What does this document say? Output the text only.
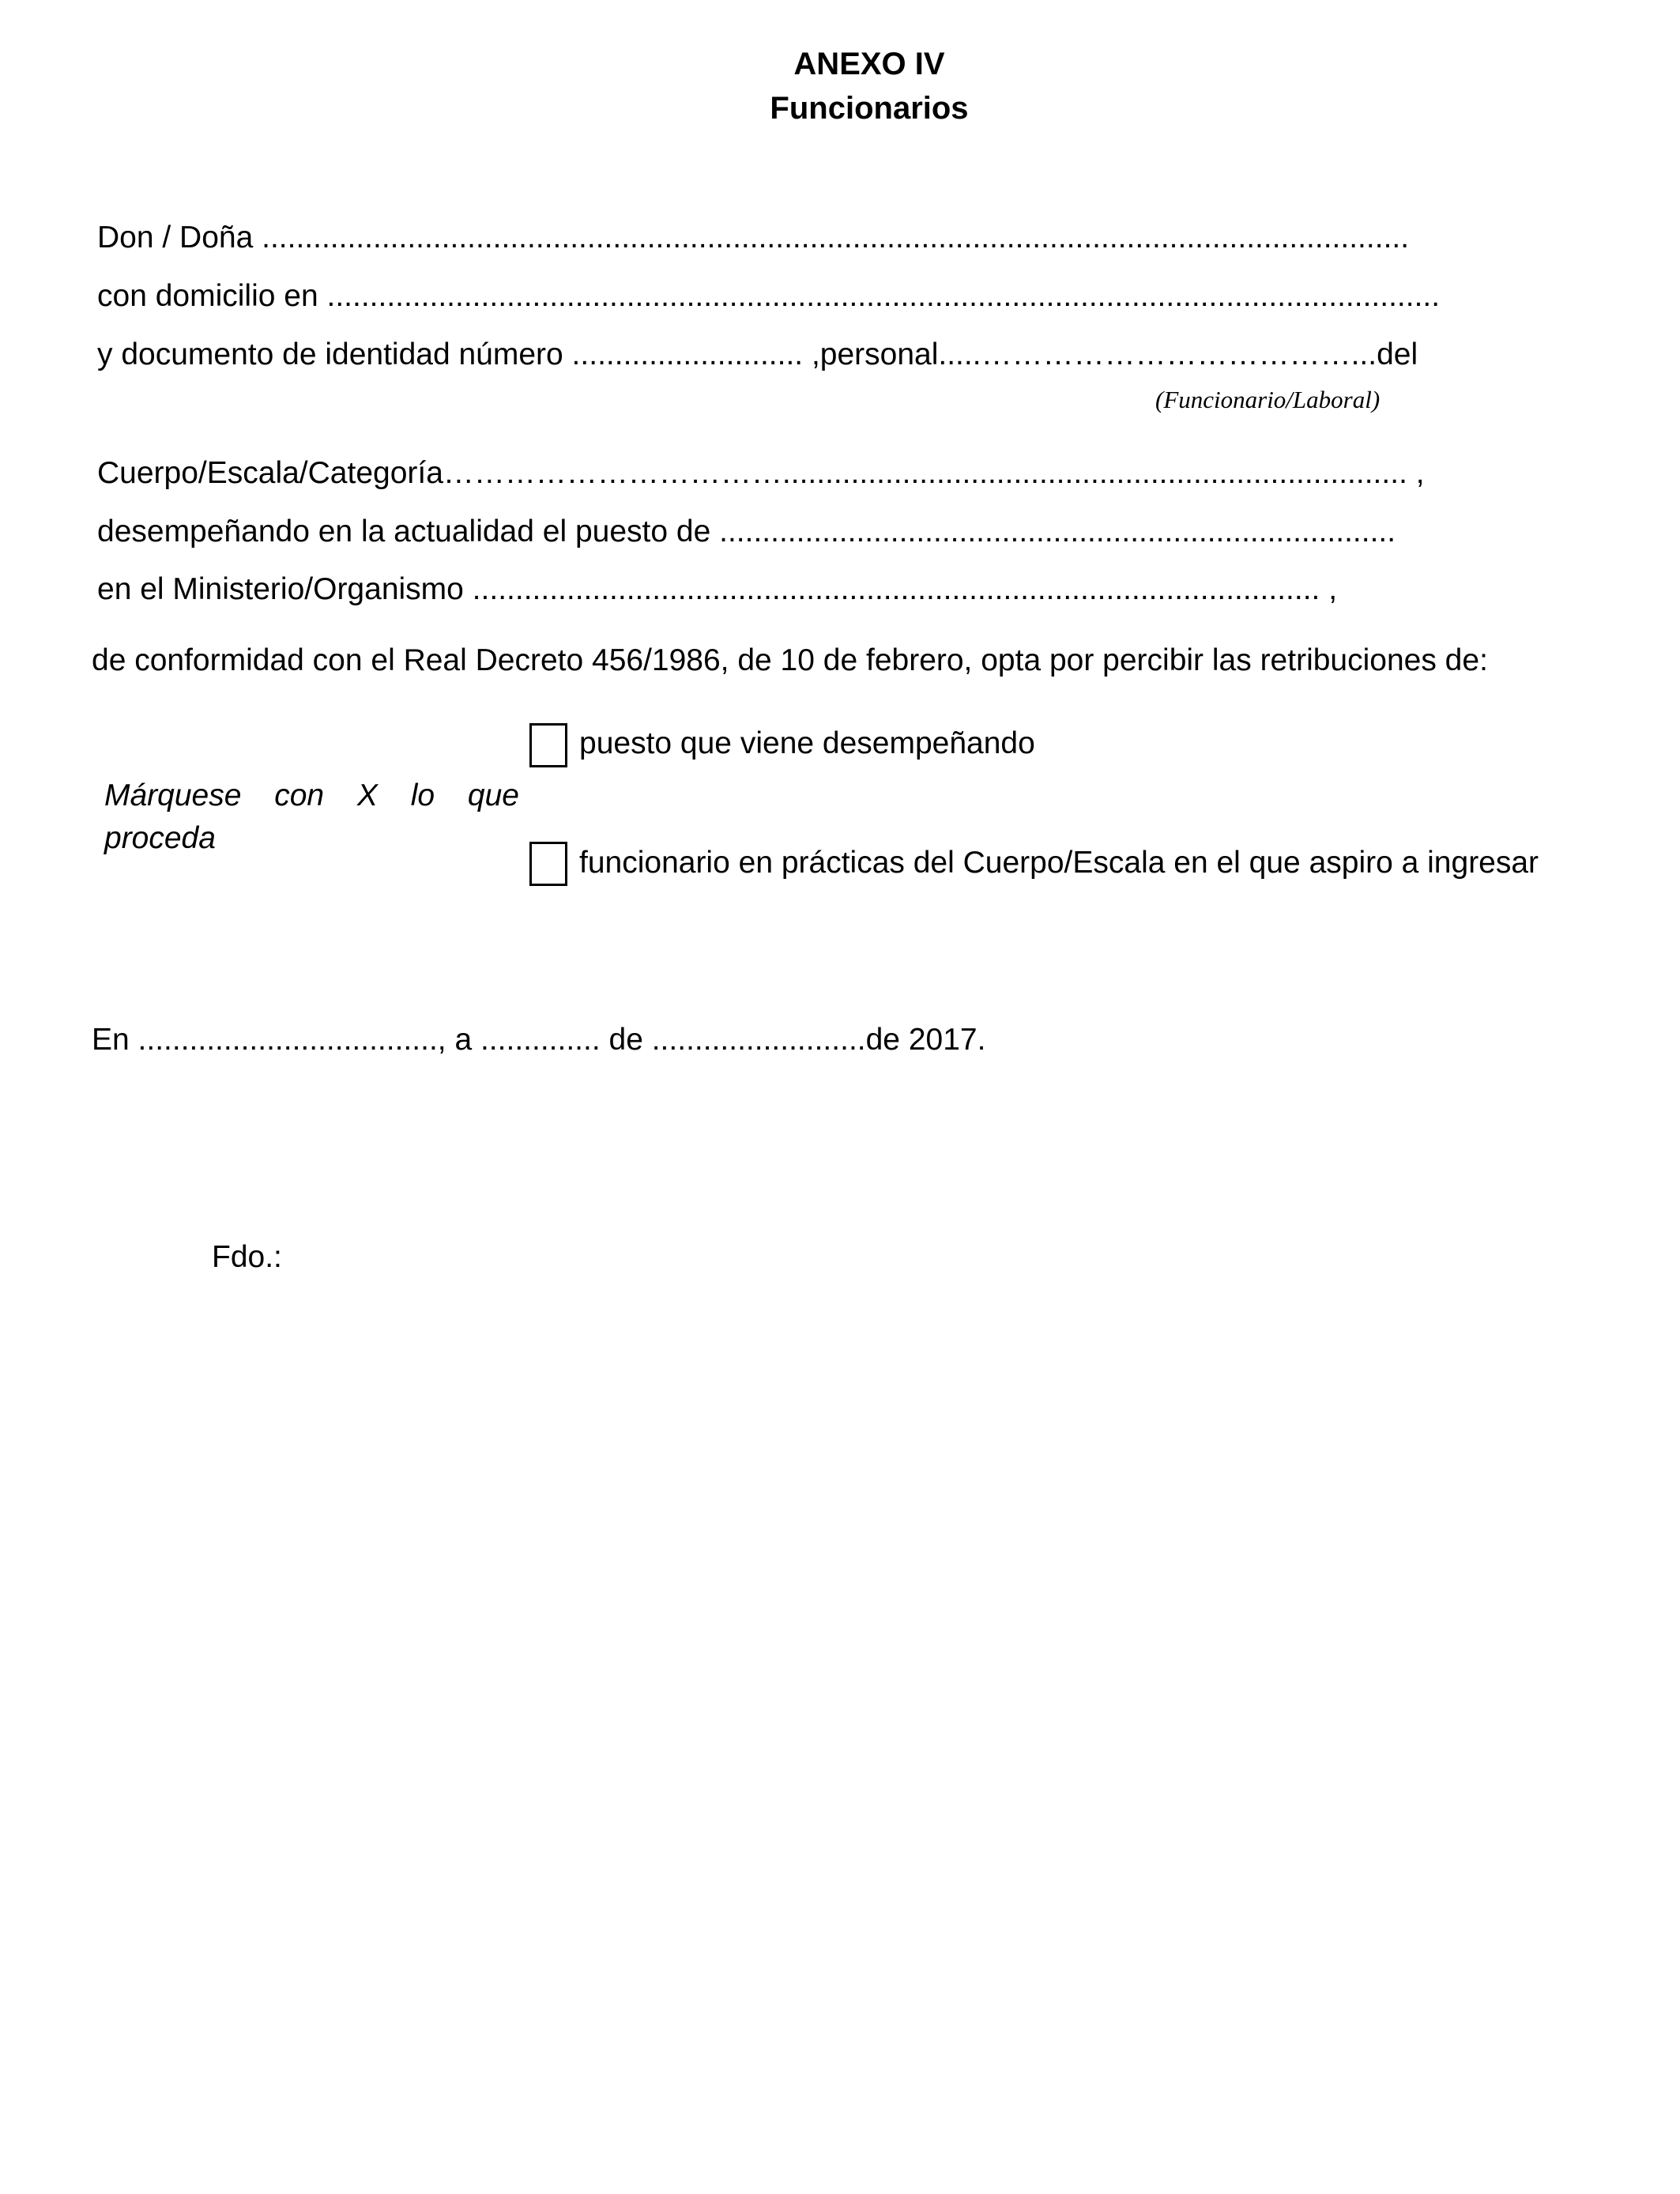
ANEXO IV
Funcionarios
Don / Doña ......................................................................................................................................
con domicilio en ..................................................................................................................................
y documento de identidad número ........................... ,personal.....………………………………...del
(Funcionario/Laboral)
Cuerpo/Escala/Categoría……………………………......................................................................... ,
desempeñando en la actualidad el puesto de ...............................................................................
en el Ministerio/Organismo ................................................................................................... ,
de conformidad con el Real Decreto 456/1986, de 10 de febrero, opta por percibir las retribuciones de:
Márquese con X lo que proceda
puesto que viene desempeñando
funcionario en prácticas del Cuerpo/Escala en el que aspiro a ingresar
En ..................................., a .............. de .........................de 2017.
Fdo.:
